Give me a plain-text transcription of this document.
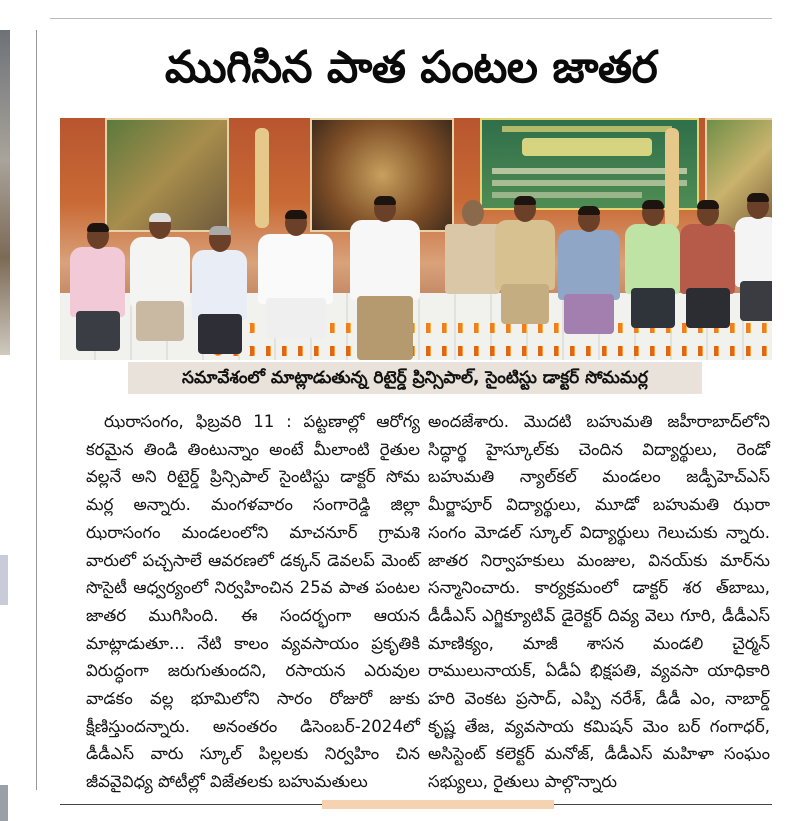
ముగిసిన పాత పంటల జాతర
సమావేశంలో మాట్లాడుతున్న రిటైర్డ్ ప్రిన్సిపాల్, సైంటిస్టు డాక్టర్ సోమమర్ల

ఝరాసంగం, ఫిబ్రవరి 11 : పట్టణాల్లో ఆరోగ్య కరమైన తిండి తింటున్నాం అంటే మీలాంటి రైతుల వల్లనే అని రిటైర్డ్ ప్రిన్సిపాల్ సైంటిస్టు డాక్టర్ సోమ మర్ల అన్నారు. మంగళవారం సంగారెడ్డి జిల్లా ఝరాసంగం మండలంలోని మాచనూర్ గ్రామశి వారులో పచ్చసాలే ఆవరణలో డక్కన్ డెవలప్ మెంట్ సొసైటీ ఆధ్వర్యంలో నిర్వహించిన 25వ పాత పంటల జాతర ముగిసింది. ఈ సందర్భంగా ఆయన మాట్లాడుతూ... నేటి కాలం వ్యవసాయం ప్రకృతికి విరుద్ధంగా జరుగుతుందని, రసాయన ఎరువుల వాడకం వల్ల భూమిలోని సారం రోజురో జుకు క్షీణిస్తుందన్నారు. అనంతరం డిసెంబర్-2024లో డీడీఎస్ వారు స్కూల్ పిల్లలకు నిర్వహిం చిన జీవవైవిధ్య పోటీల్లో విజేతలకు బహుమతులు

అందజేశారు. మొదటి బహుమతి జహీరాబాద్‌లోని సిద్ధార్థ హైస్కూల్‌కు చెందిన విద్యార్థులు, రెండో బహుమతి న్యాల్‌కల్ మండలం జడ్పీహెచ్ఎస్ మీర్జాపూర్ విద్యార్థులు, మూడో బహుమతి ఝరా సంగం మోడల్ స్కూల్ విద్యార్థులు గెలుచుకు న్నారు. జాతర నిర్వాహకులు మంజుల, వినయ్‌కు మార్‌ను సన్మానించారు. కార్యక్రమంలో డాక్టర్ శర త్‌బాబు, డీడీఎస్ ఎగ్జిక్యూటివ్ డైరెక్టర్ దివ్య వెలు గూరి, డీడీఎస్ మాణిక్యం, మాజీ శాసన మండలి చైర్మన్ రాములునాయక్, ఏడీఏ భిక్షపతి, వ్యవసా యాధికారి హరి వెంకట ప్రసాద్, ఎప్పి నరేశ్, డీడీ ఎం, నాబార్డ్ కృష్ణ తేజ, వ్యవసాయ కమిషన్ మెం బర్ గంగాధర్, అసిస్టెంట్ కలెక్టర్ మనోజ్, డీడీఎస్ మహిళా సంఘం సభ్యులు, రైతులు పాల్గొన్నారు
